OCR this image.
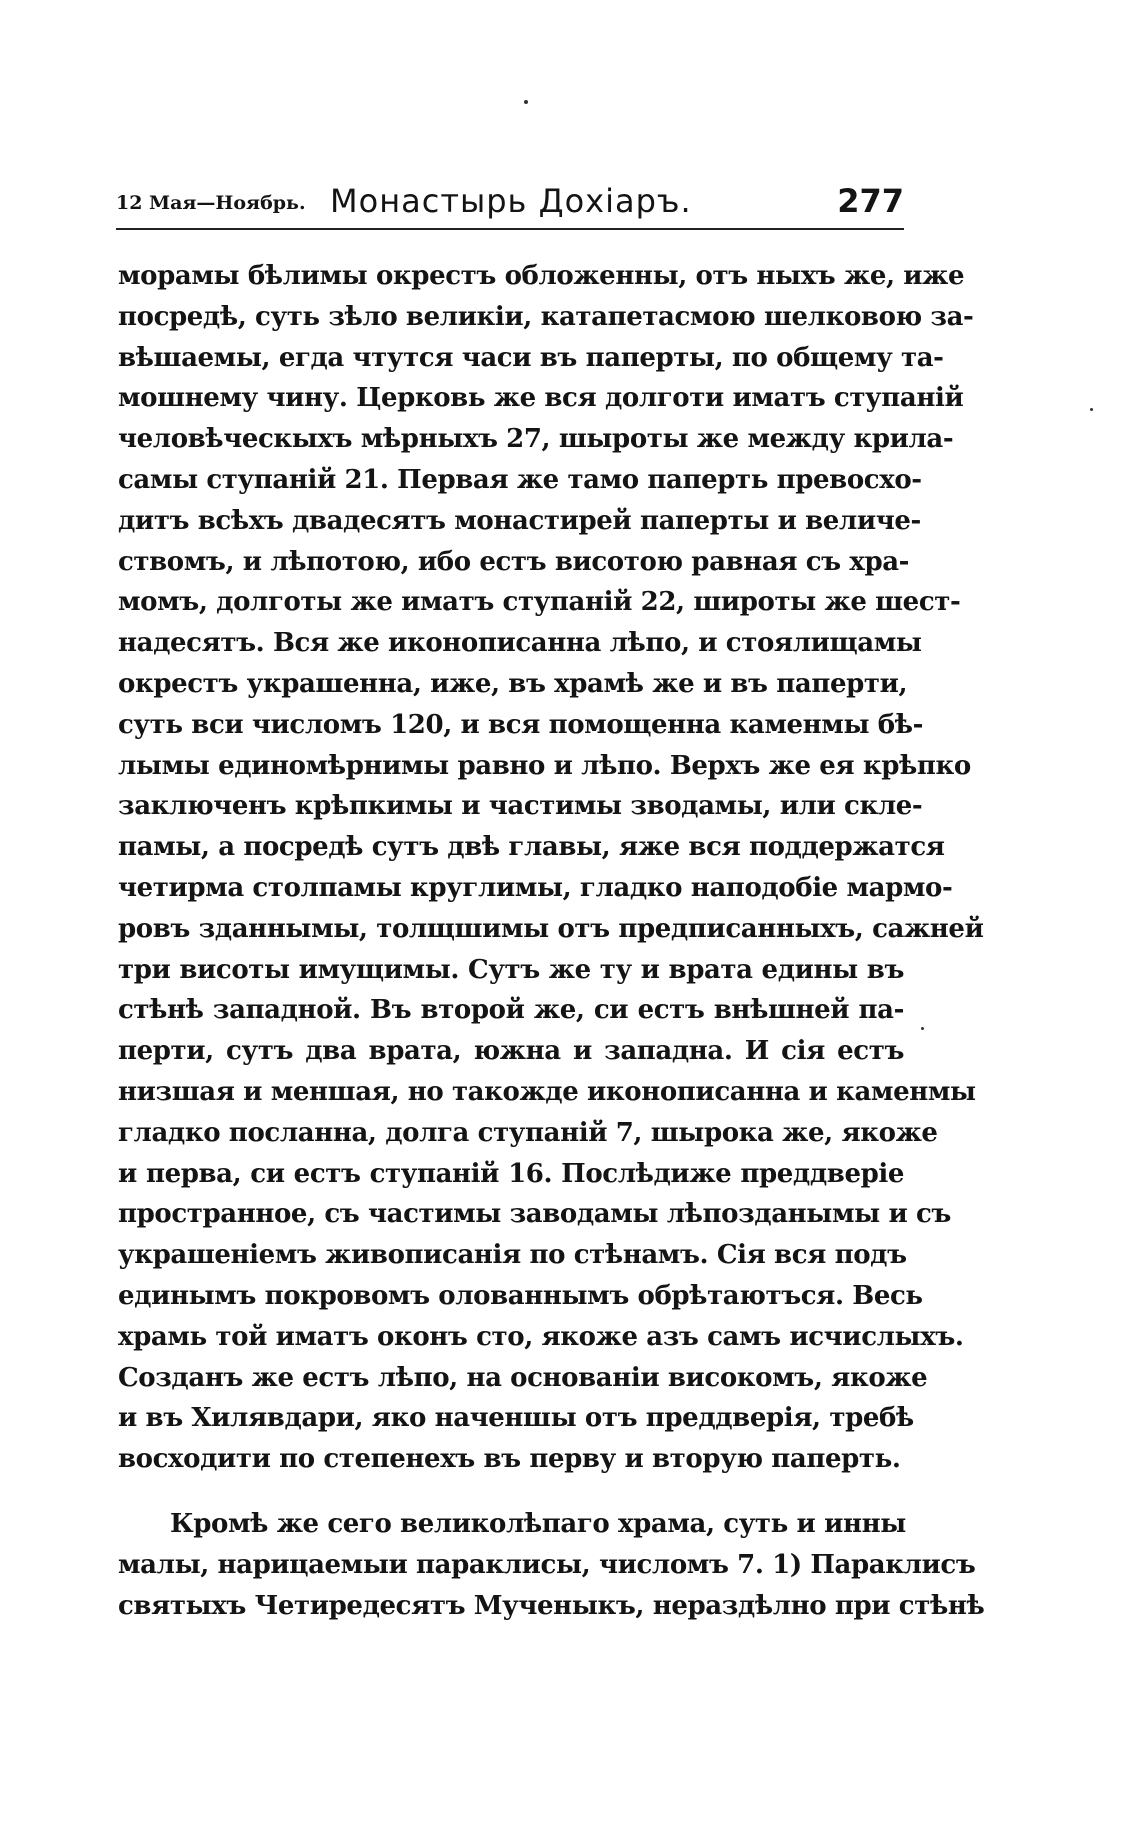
12 Мая—Ноябрь. Монастырь Дохіаръ.	277
морамы бѣлимы окрестъ обложенны, отъ ныхъ же, иже
посредѣ, суть зѣло великіи, катапетасмою шелковою за-
вѣшаемы, егда чтутся часи въ паперты, по общему та-
мошнему чину. Церковь же вся долготи иматъ ступаній
человѣческыхъ мѣрныхъ 27, шыроты же между крила-
самы ступаній 21. Первая же тамо паперть превосхо-
дитъ всѣхъ двадесятъ монастирей паперты и величе-
ствомъ, и лѣпотою, ибо естъ висотою равная съ хра-
момъ, долготы же иматъ ступаній 22, широты же шест-
надесятъ. Вся же иконописанна лѣпо, и стоялищамы
окрестъ украшенна, иже, въ храмѣ же и въ паперти,
суть вси числомъ 120, и вся помощенна каменмы бѣ-
лымы единомѣрнимы равно и лѣпо. Верхъ же ея крѣпко
заключенъ крѣпкимы и частимы зводамы, или скле-
памы, а посредѣ сутъ двѣ главы, яже вся поддержатся
четирма столпамы круглимы, гладко наподобіе мармо-
ровъ зданнымы, толщшимы отъ предписанныхъ, сажней
три висоты имущимы. Сутъ же ту и врата едины въ
стѣнѣ западной. Въ второй же, си естъ внѣшней па-
перти, сутъ два врата, южна и западна. И сія естъ
низшая и меншая, но такожде иконописанна и каменмы
гладко посланна, долга ступаній 7, шырока же, якоже
и перва, си естъ ступаній 16. Послѣдиже преддверіе
пространное, съ частимы заводамы лѣпозданымы и съ
украшеніемъ живописанія по стѣнамъ. Сія вся подъ
единымъ покровомъ олованнымъ обрѣтаютъся. Весь
храмь той иматъ оконъ сто, якоже азъ самъ исчислыхъ.
Созданъ же естъ лѣпо, на основаніи високомъ, якоже
и въ Хилявдари, яко наченшы отъ преддверія, требѣ
восходити по степенехъ въ перву и вторую паперть.
Кромѣ же сего великолѣпаго храма, суть и инны
малы, нарицаемыи параклисы, числомъ 7. 1) Параклисъ
святыхъ Четиредесятъ Мученыкъ, нераздѣлно при стѣнѣ
